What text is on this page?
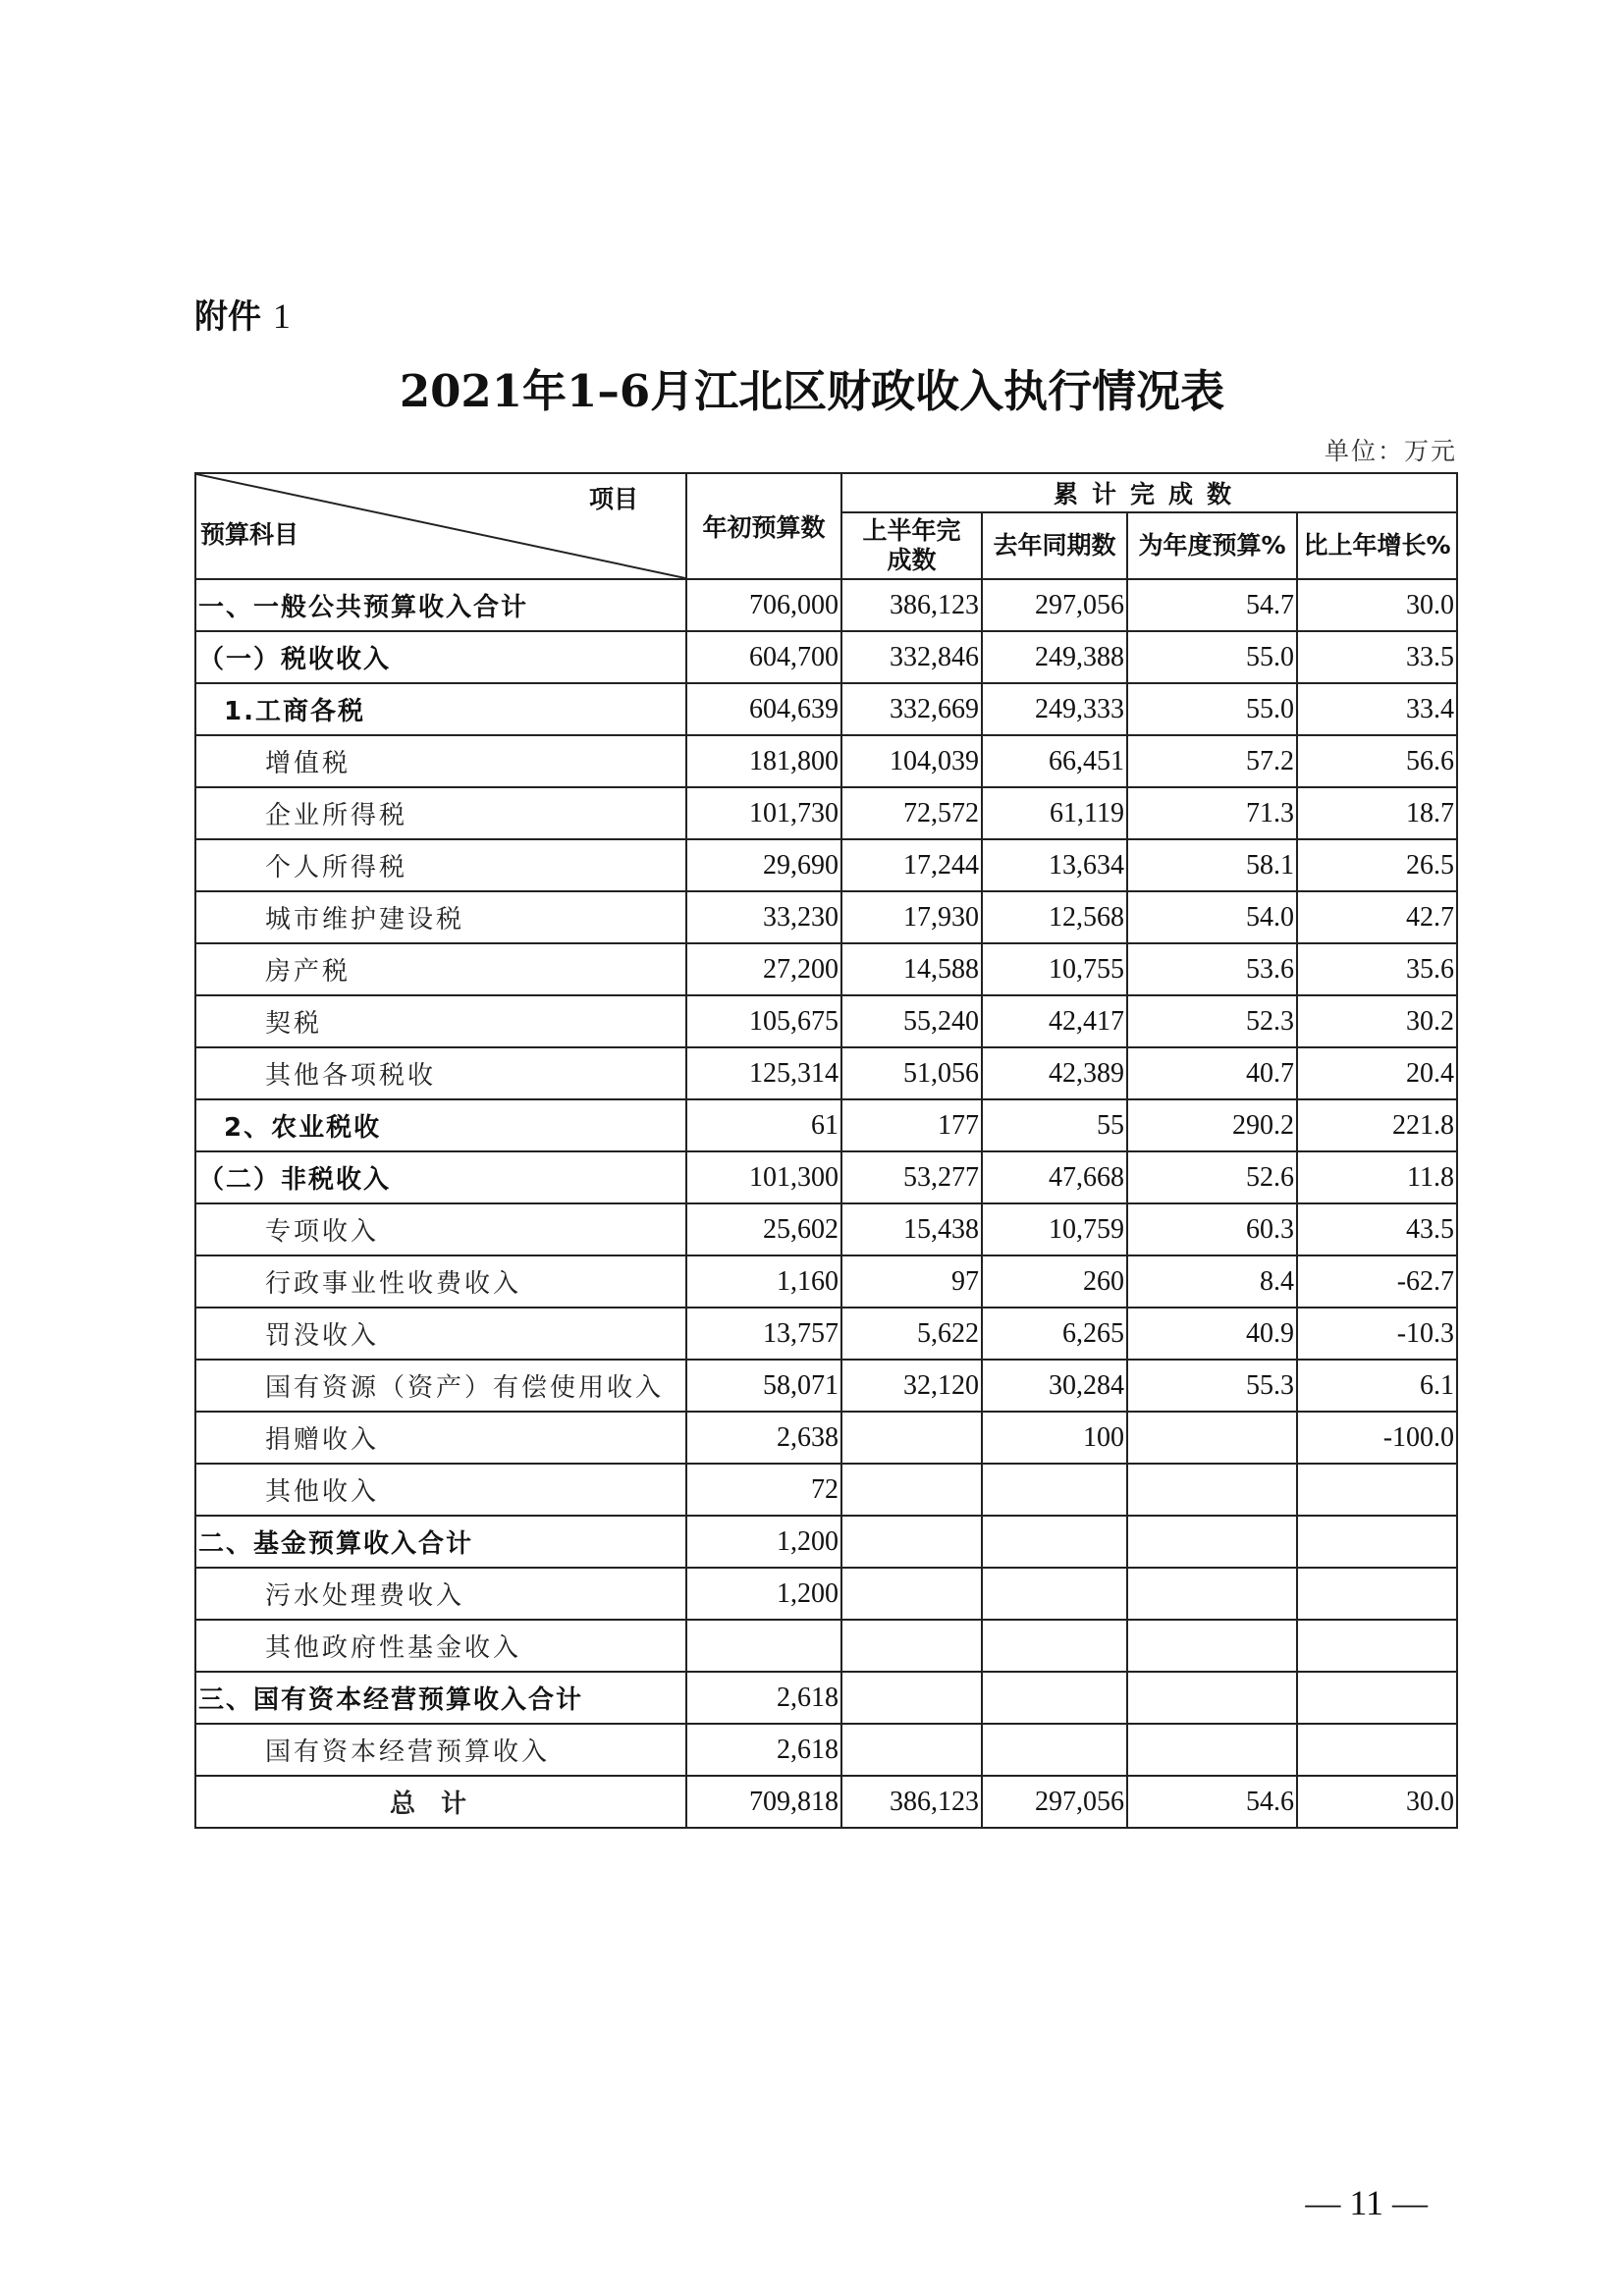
附件 1
2021年1–6月江北区财政收入执行情况表
单位：万元
项目
预算科目	年初预算数	累计完成数			
		上半年完成数	去年同期数	为年度预算%	比上年增长%
一、一般公共预算收入合计	706,000	386,123	297,056	54.7	30.0
（一）税收收入	604,700	332,846	249,388	55.0	33.5
1.工商各税	604,639	332,669	249,333	55.0	33.4
增值税	181,800	104,039	66,451	57.2	56.6
企业所得税	101,730	72,572	61,119	71.3	18.7
个人所得税	29,690	17,244	13,634	58.1	26.5
城市维护建设税	33,230	17,930	12,568	54.0	42.7
房产税	27,200	14,588	10,755	53.6	35.6
契税	105,675	55,240	42,417	52.3	30.2
其他各项税收	125,314	51,056	42,389	40.7	20.4
2、农业税收	61	177	55	290.2	221.8
（二）非税收入	101,300	53,277	47,668	52.6	11.8
专项收入	25,602	15,438	10,759	60.3	43.5
行政事业性收费收入	1,160	97	260	8.4	-62.7
罚没收入	13,757	5,622	6,265	40.9	-10.3
国有资源（资产）有偿使用收入	58,071	32,120	30,284	55.3	6.1
捐赠收入	2,638		100		-100.0
其他收入	72				
二、基金预算收入合计	1,200				
污水处理费收入	1,200				
其他政府性基金收入					
三、国有资本经营预算收入合计	2,618				
国有资本经营预算收入	2,618				
总计	709,818	386,123	297,056	54.6	30.0
— 11 —
